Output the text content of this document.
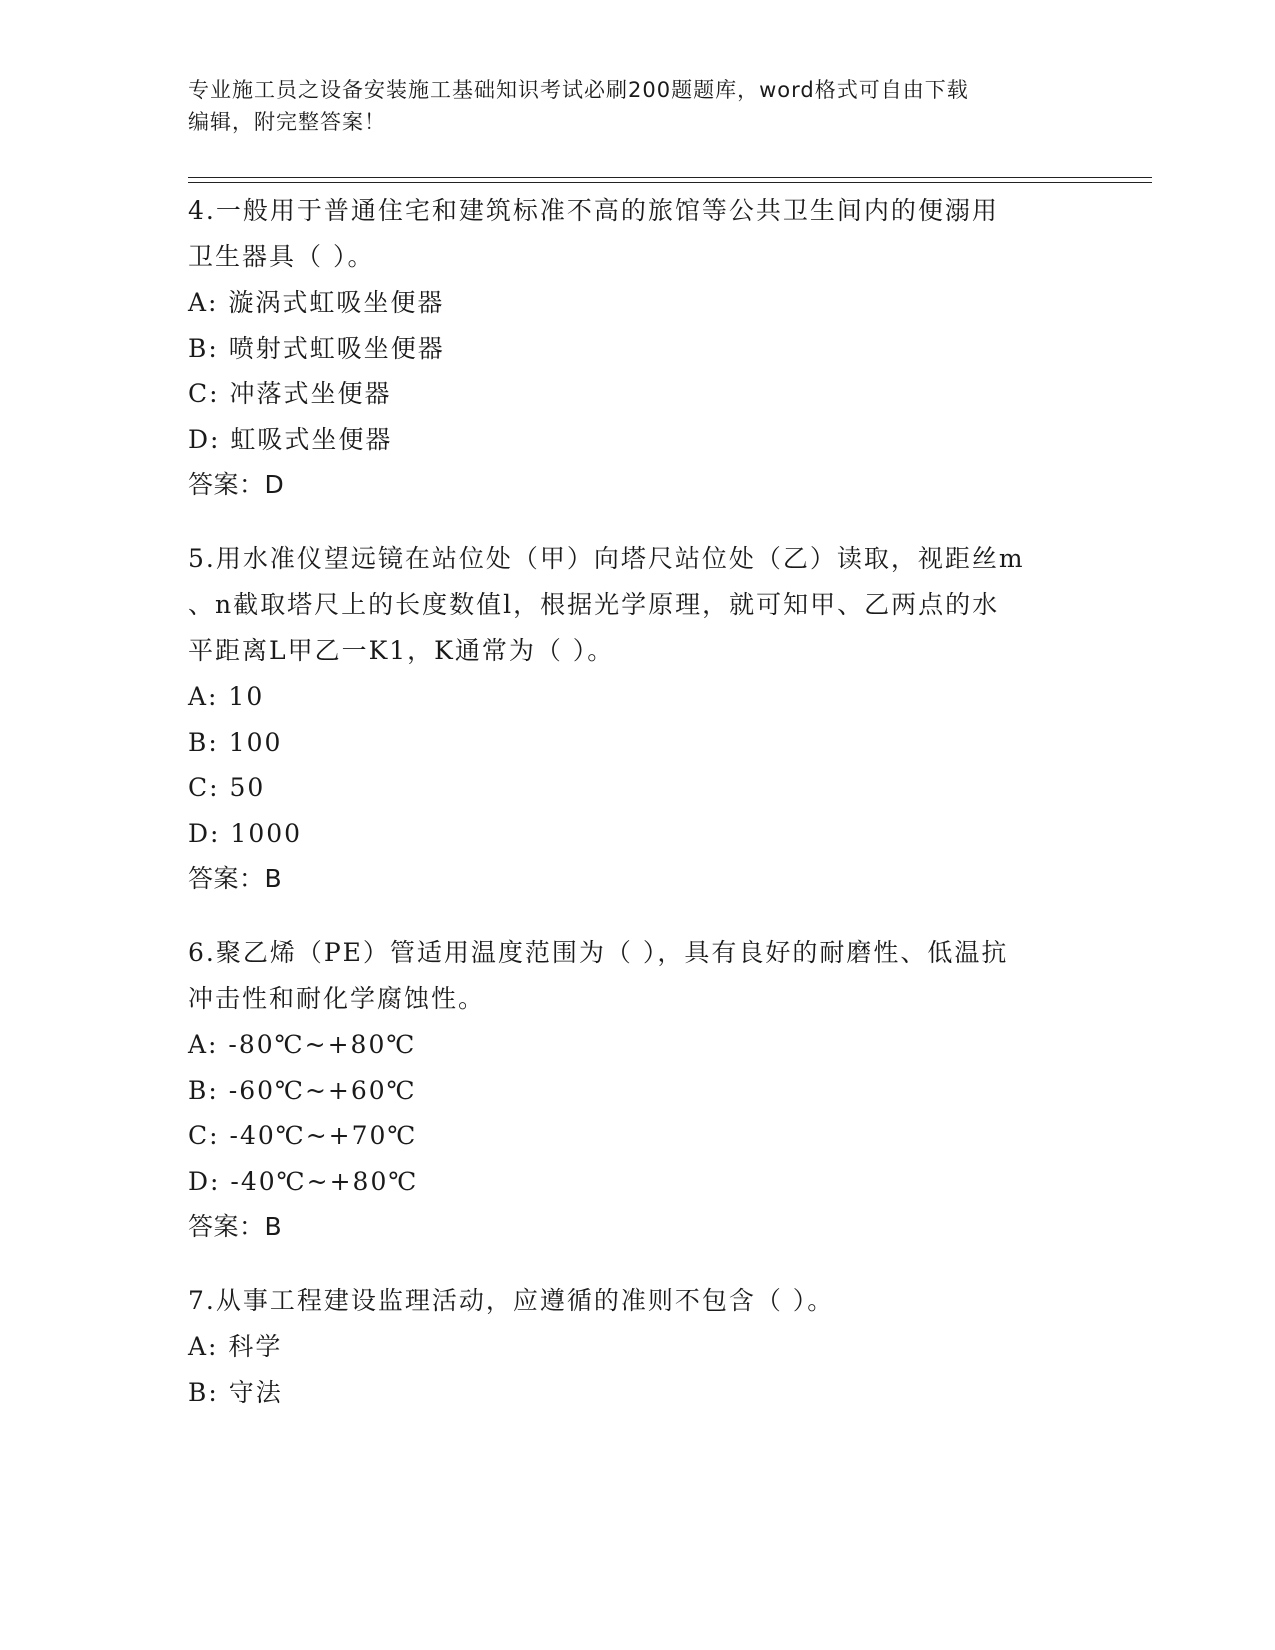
专业施工员之设备安装施工基础知识考试必刷200题题库，word格式可自由下载
编辑，附完整答案！
4.一般用于普通住宅和建筑标准不高的旅馆等公共卫生间内的便溺用
卫生器具（ ）。
A: 漩涡式虹吸坐便器
B: 喷射式虹吸坐便器
C: 冲落式坐便器
D: 虹吸式坐便器
答案：D
5.用水准仪望远镜在站位处（甲）向塔尺站位处（乙）读取，视距丝m
、n截取塔尺上的长度数值l，根据光学原理，就可知甲、乙两点的水
平距离L甲乙一K1，K通常为（ ）。
A: 10
B: 100
C: 50
D: 1000
答案：B
6.聚乙烯（PE）管适用温度范围为（ ），具有良好的耐磨性、低温抗
冲击性和耐化学腐蚀性。
A: -80℃~+80℃
B: -60℃~+60℃
C: -40℃~+70℃
D: -40℃~+80℃
答案：B
7.从事工程建设监理活动，应遵循的准则不包含（ ）。
A: 科学
B: 守法
